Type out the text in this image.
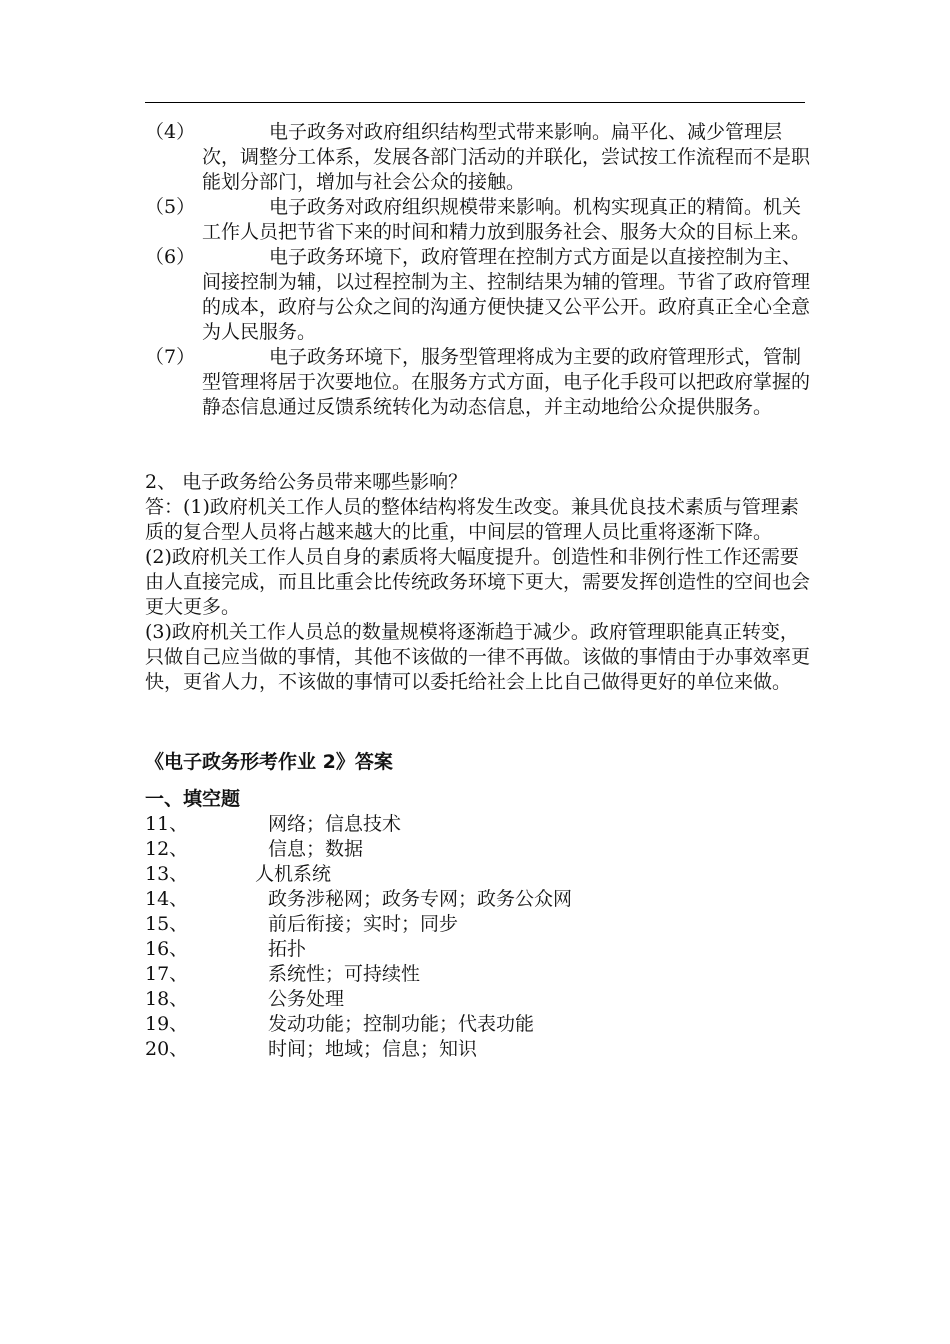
（4）	电子政务对政府组织结构型式带来影响。扁平化、减少管理层次，调整分工体系，发展各部门活动的并联化，尝试按工作流程而不是职能划分部门，增加与社会公众的接触。
（5）	电子政务对政府组织规模带来影响。机构实现真正的精简。机关工作人员把节省下来的时间和精力放到服务社会、服务大众的目标上来。
（6）	电子政务环境下，政府管理在控制方式方面是以直接控制为主、间接控制为辅，以过程控制为主、控制结果为辅的管理。节省了政府管理的成本，政府与公众之间的沟通方便快捷又公平公开。政府真正全心全意为人民服务。
（7）	电子政务环境下，服务型管理将成为主要的政府管理形式，管制型管理将居于次要地位。在服务方式方面，电子化手段可以把政府掌握的静态信息通过反馈系统转化为动态信息，并主动地给公众提供服务。

2、 电子政务给公务员带来哪些影响？

答：(1)政府机关工作人员的整体结构将发生改变。兼具优良技术素质与管理素质的复合型人员将占越来越大的比重，中间层的管理人员比重将逐渐下降。

(2)政府机关工作人员自身的素质将大幅度提升。创造性和非例行性工作还需要由人直接完成，而且比重会比传统政务环境下更大，需要发挥创造性的空间也会更大更多。

(3)政府机关工作人员总的数量规模将逐渐趋于减少。政府管理职能真正转变，只做自己应当做的事情，其他不该做的一律不再做。该做的事情由于办事效率更快，更省人力，不该做的事情可以委托给社会上比自己做得更好的单位来做。

《电子政务形考作业 2》答案

一、填空题

11、	网络；信息技术
12、	信息；数据
13、	人机系统
14、	政务涉秘网；政务专网；政务公众网
15、	前后衔接；实时；同步
16、	拓扑
17、	系统性；可持续性
18、	公务处理
19、	发动功能；控制功能；代表功能
20、	时间；地域；信息；知识
